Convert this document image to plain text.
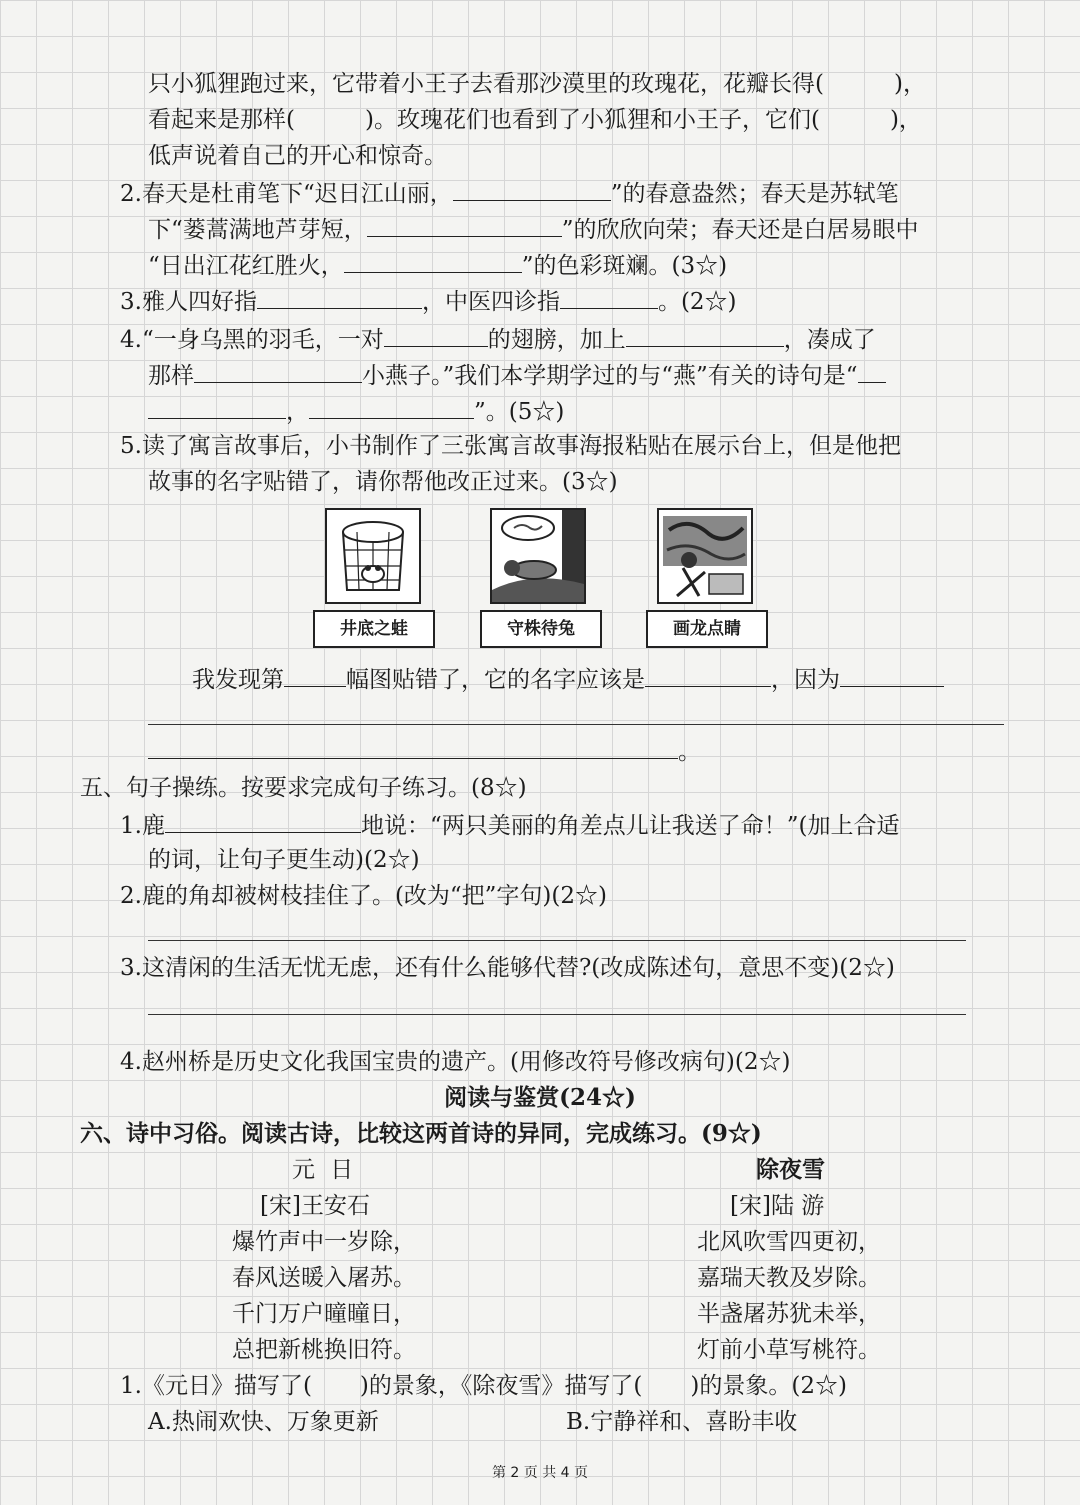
只小狐狸跑过来，它带着小王子去看那沙漠里的玫瑰花，花瓣长得(	)，
看起来是那样(	)。玫瑰花们也看到了小狐狸和小王子，它们(	)，
低声说着自己的开心和惊奇。
2.春天是杜甫笔下“迟日江山丽，	”的春意盎然；春天是苏轼笔
下“蒌蒿满地芦芽短，	”的欣欣向荣；春天还是白居易眼中
“日出江花红胜火，	”的色彩斑斓。(3☆)
3.雅人四好指	，中医四诊指	。(2☆)
4.“一身乌黑的羽毛，一对	的翅膀，加上	，凑成了
那样	小燕子。”我们本学期学过的与“燕”有关的诗句是“
，	”。(5☆)
5.读了寓言故事后，小书制作了三张寓言故事海报粘贴在展示台上，但是他把
故事的名字贴错了，请你帮他改正过来。(3☆)
井底之蛙	守株待兔	画龙点睛
我发现第	幅图贴错了，它的名字应该是	，因为
。
五、句子操练。按要求完成句子练习。(8☆)
1.鹿	地说：“两只美丽的角差点儿让我送了命！”(加上合适
的词，让句子更生动)(2☆)
2.鹿的角却被树枝挂住了。(改为“把”字句)(2☆)
3.这清闲的生活无忧无虑，还有什么能够代替?(改成陈述句，意思不变)(2☆)
4.赵州桥是历史文化我国宝贵的遗产。(用修改符号修改病句)(2☆)
阅读与鉴赏(24☆)
六、诗中习俗。阅读古诗，比较这两首诗的异同，完成练习。(9☆)
元 日
[宋]王安石
爆竹声中一岁除，
春风送暖入屠苏。
千门万户曈曈日，
总把新桃换旧符。
除夜雪
[宋]陆 游
北风吹雪四更初，
嘉瑞天教及岁除。
半盏屠苏犹未举，
灯前小草写桃符。
1.《元日》描写了( )的景象，《除夜雪》描写了( )的景象。(2☆)
A.热闹欢快、万象更新	B.宁静祥和、喜盼丰收
第 2 页 共 4 页
